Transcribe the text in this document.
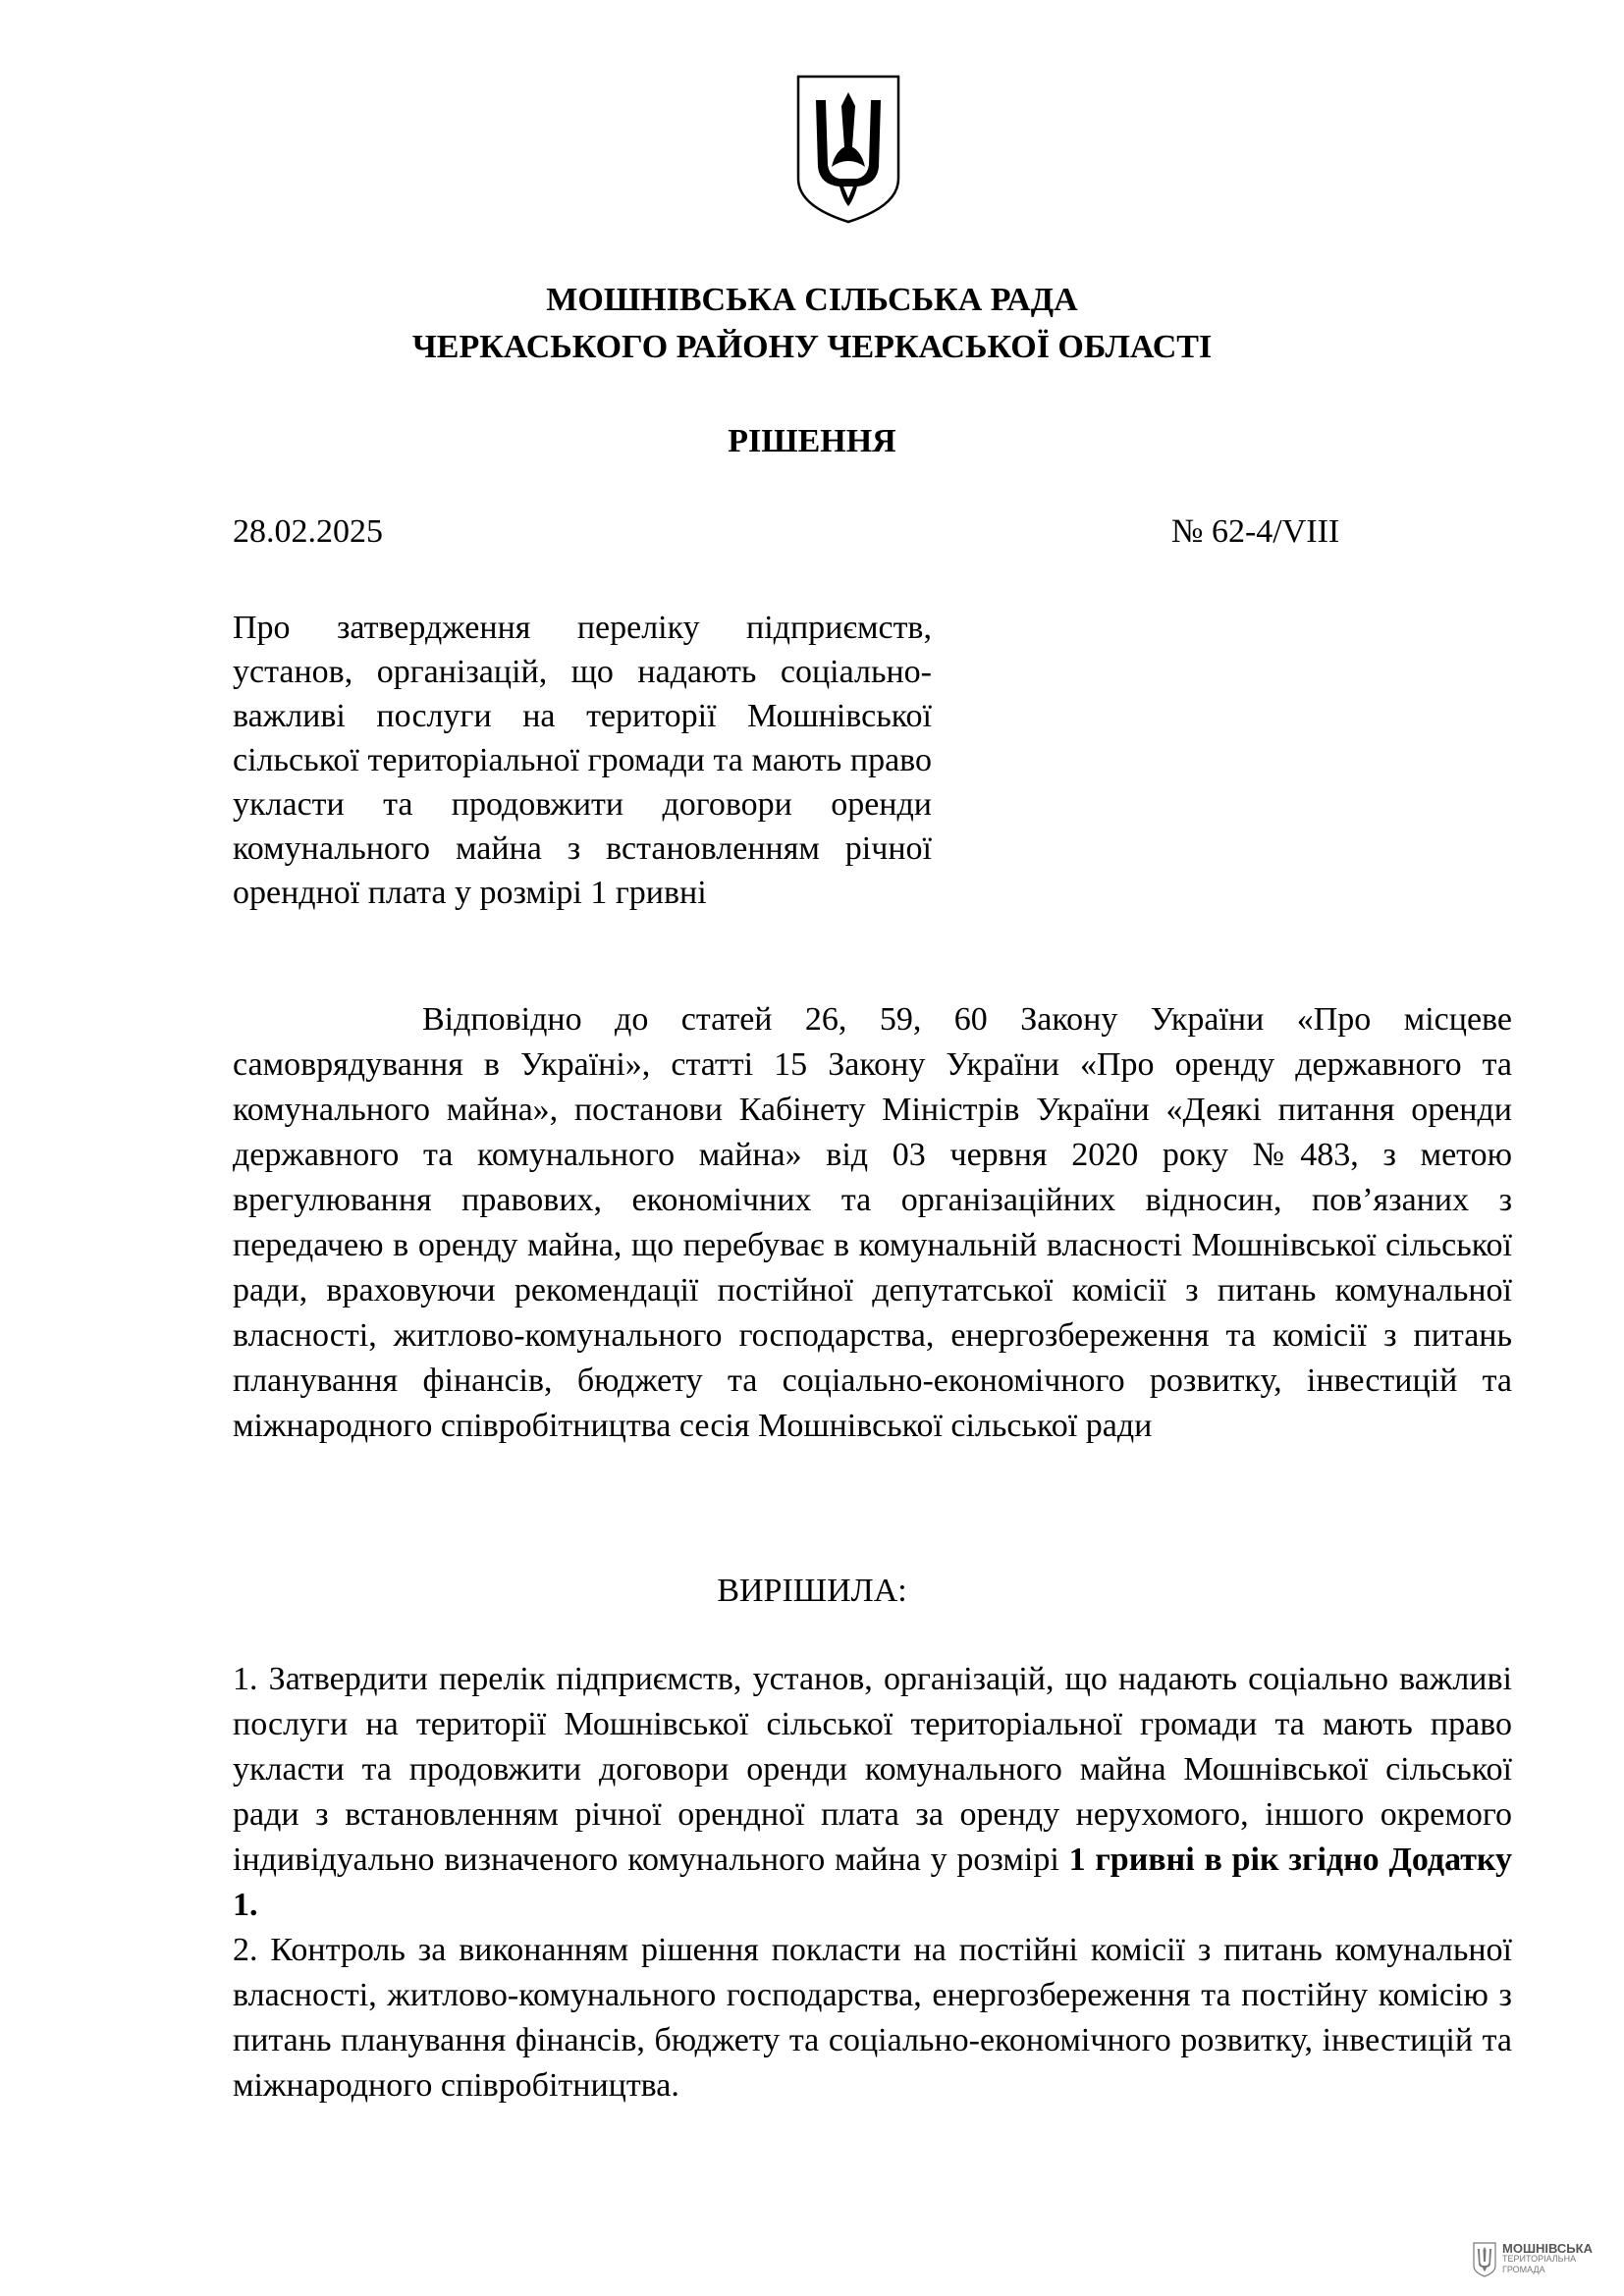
МОШНІВСЬКА СІЛЬСЬКА РАДА
ЧЕРКАСЬКОГО РАЙОНУ ЧЕРКАСЬКОЇ ОБЛАСТІ
РІШЕННЯ
28.02.2025	№ 62-4/VIII
Про затвердження переліку підприємств, установ, організацій, що надають соціально-важливі послуги на території Мошнівської сільської територіальної громади та мають право укласти та продовжити договори оренди комунального майна з встановленням річної орендної плата у розмірі 1 гривні
Відповідно до статей 26, 59, 60 Закону України «Про місцеве самоврядування в Україні», статті 15 Закону України «Про оренду державного та комунального майна», постанови Кабінету Міністрів України «Деякі питання оренди державного та комунального майна» від 03 червня 2020 року №483, з метою врегулювання правових, економічних та організаційних відносин, пов’язаних з передачею в оренду майна, що перебуває в комунальній власності Мошнівської сільської ради, враховуючи рекомендації постійної депутатської комісії з питань комунальної власності, житлово-комунального господарства, енергозбереження та комісії з питань планування фінансів, бюджету та соціально-економічного розвитку, інвестицій та міжнародного співробітництва сесія Мошнівської сільської ради
ВИРІШИЛА:

1. Затвердити перелік підприємств, установ, організацій, що надають соціально важливі послуги на території Мошнівської сільської територіальної громади та мають право укласти та продовжити договори оренди комунального майна Мошнівської сільської ради з встановленням річної орендної плата за оренду нерухомого, іншого окремого індивідуально визначеного комунального майна у розмірі 1 гривні в рік згідно Додатку 1.

2. Контроль за виконанням рішення покласти на постійні комісії з питань комунальної власності, житлово-комунального господарства, енергозбереження та постійну комісію з питань планування фінансів, бюджету та соціально-економічного розвитку, інвестицій та міжнародного співробітництва.

МОШНІВСЬКА
ТЕРИТОРІАЛЬНА
ГРОМАДА
